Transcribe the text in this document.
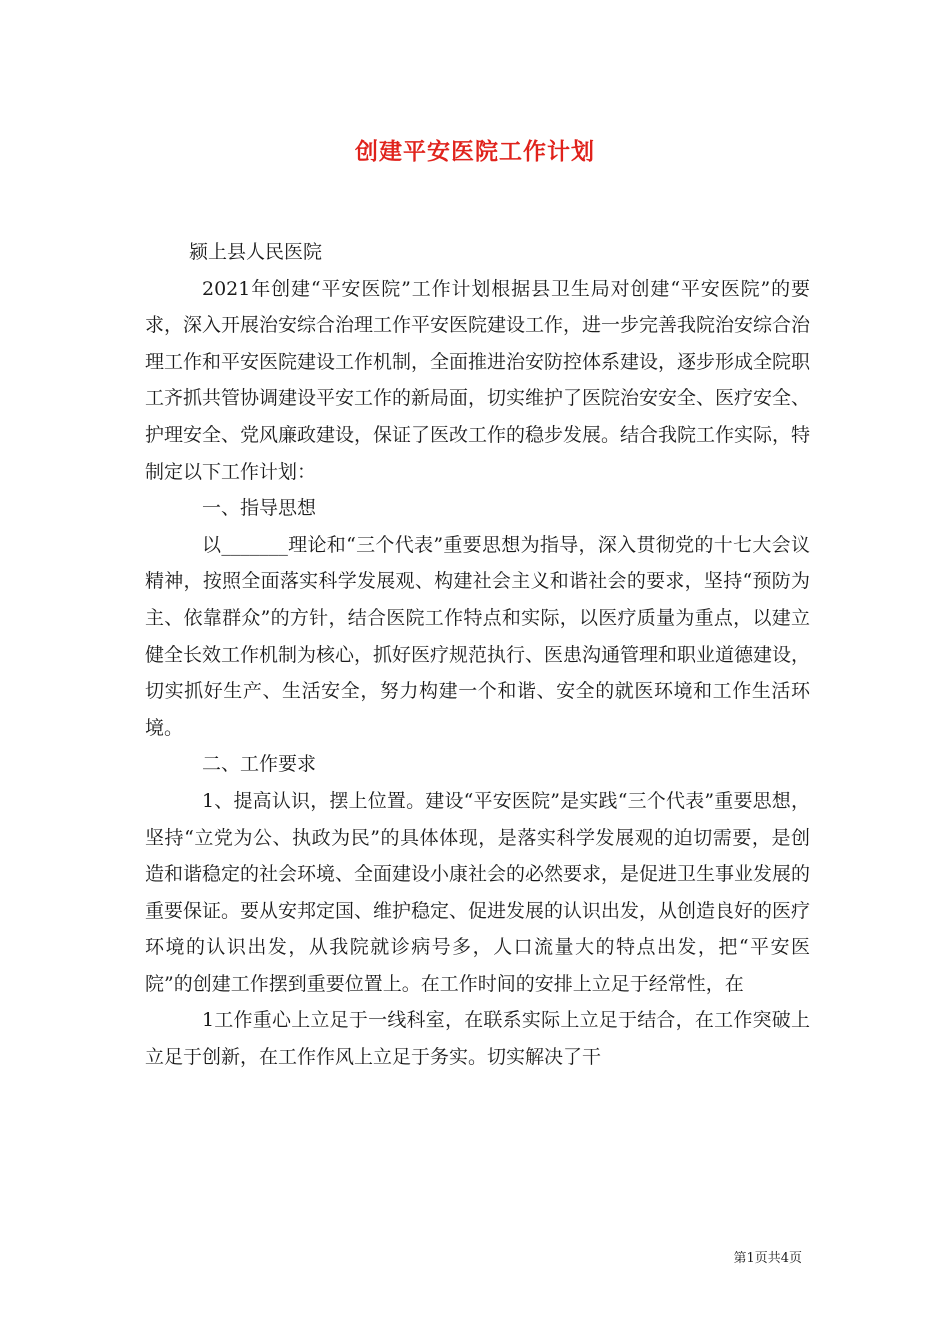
创建平安医院工作计划

颍上县人民医院

2021年创建“平安医院”工作计划根据县卫生局对创建“平安医院”的要求，深入开展治安综合治理工作平安医院建设工作，进一步完善我院治安综合治理工作和平安医院建设工作机制，全面推进治安防控体系建设，逐步形成全院职工齐抓共管协调建设平安工作的新局面，切实维护了医院治安安全、医疗安全、护理安全、党风廉政建设，保证了医改工作的稳步发展。结合我院工作实际，特制定以下工作计划：

一、指导思想

以_______理论和“三个代表”重要思想为指导，深入贯彻党的十七大会议精神，按照全面落实科学发展观、构建社会主义和谐社会的要求，坚持“预防为主、依靠群众”的方针，结合医院工作特点和实际，以医疗质量为重点，以建立健全长效工作机制为核心，抓好医疗规范执行、医患沟通管理和职业道德建设，切实抓好生产、生活安全，努力构建一个和谐、安全的就医环境和工作生活环境。

二、工作要求

1、提高认识，摆上位置。建设“平安医院”是实践“三个代表”重要思想，坚持“立党为公、执政为民”的具体体现，是落实科学发展观的迫切需要，是创造和谐稳定的社会环境、全面建设小康社会的必然要求，是促进卫生事业发展的重要保证。要从安邦定国、维护稳定、促进发展的认识出发，从创造良好的医疗环境的认识出发，从我院就诊病号多，人口流量大的特点出发，把“平安医院”的创建工作摆到重要位置上。在工作时间的安排上立足于经常性，在

1工作重心上立足于一线科室，在联系实际上立足于结合，在工作突破上立足于创新，在工作作风上立足于务实。切实解决了干

第1页共4页
